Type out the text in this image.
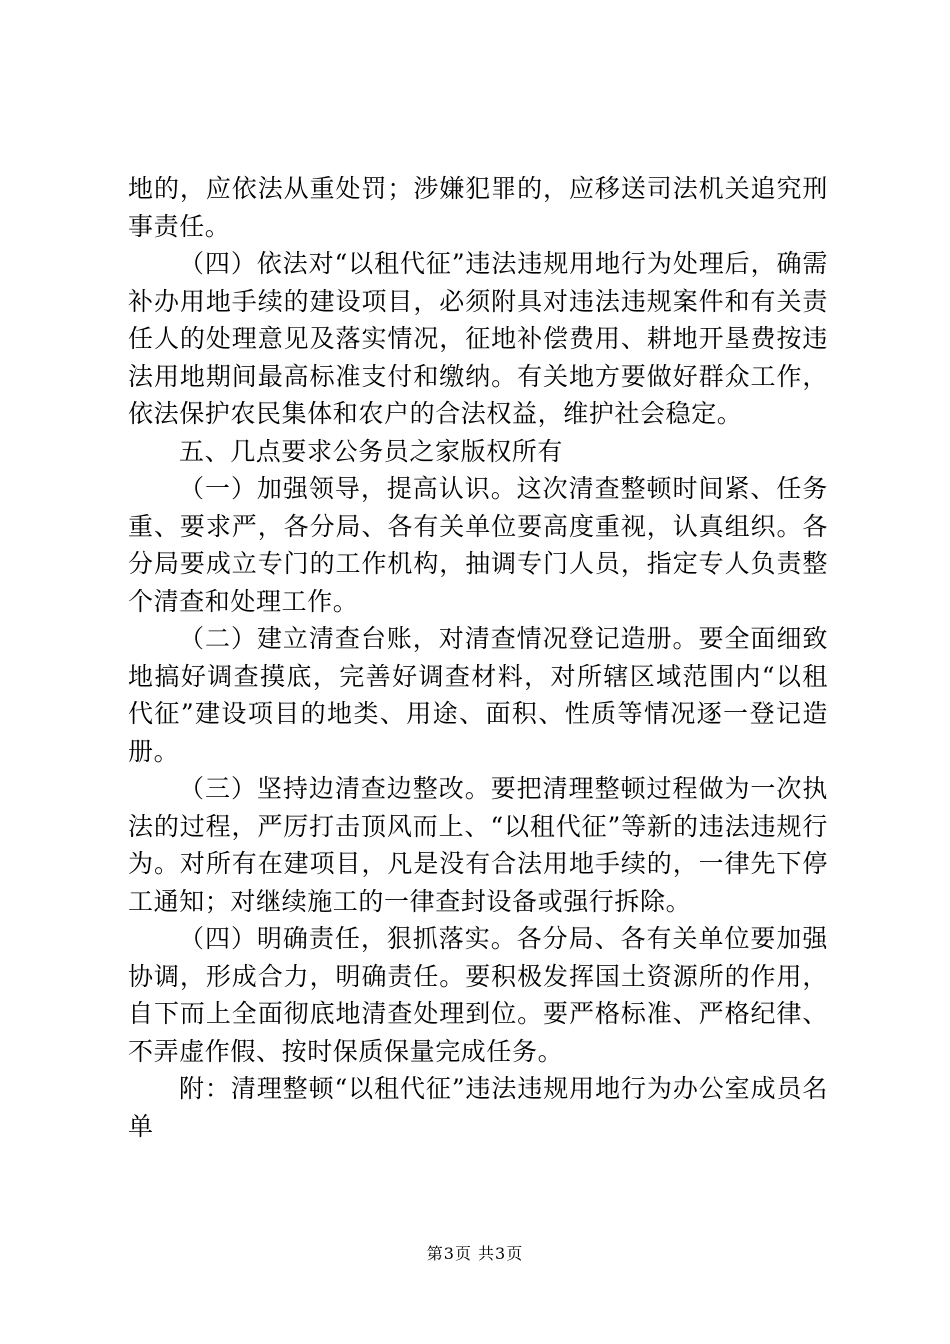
地的，应依法从重处罚；涉嫌犯罪的，应移送司法机关追究刑事责任。

（四）依法对“以租代征”违法违规用地行为处理后，确需补办用地手续的建设项目，必须附具对违法违规案件和有关责任人的处理意见及落实情况，征地补偿费用、耕地开垦费按违法用地期间最高标准支付和缴纳。有关地方要做好群众工作，依法保护农民集体和农户的合法权益，维护社会稳定。

五、几点要求公务员之家版权所有

（一）加强领导，提高认识。这次清查整顿时间紧、任务重、要求严，各分局、各有关单位要高度重视，认真组织。各分局要成立专门的工作机构，抽调专门人员，指定专人负责整个清查和处理工作。

（二）建立清查台账，对清查情况登记造册。要全面细致地搞好调查摸底，完善好调查材料，对所辖区域范围内“以租代征”建设项目的地类、用途、面积、性质等情况逐一登记造册。

（三）坚持边清查边整改。要把清理整顿过程做为一次执法的过程，严厉打击顶风而上、“以租代征”等新的违法违规行为。对所有在建项目，凡是没有合法用地手续的，一律先下停工通知；对继续施工的一律查封设备或强行拆除。

（四）明确责任，狠抓落实。各分局、各有关单位要加强协调，形成合力，明确责任。要积极发挥国土资源所的作用，自下而上全面彻底地清查处理到位。要严格标准、严格纪律、不弄虚作假、按时保质保量完成任务。

附：清理整顿“以租代征”违法违规用地行为办公室成员名单

第3页 共3页
